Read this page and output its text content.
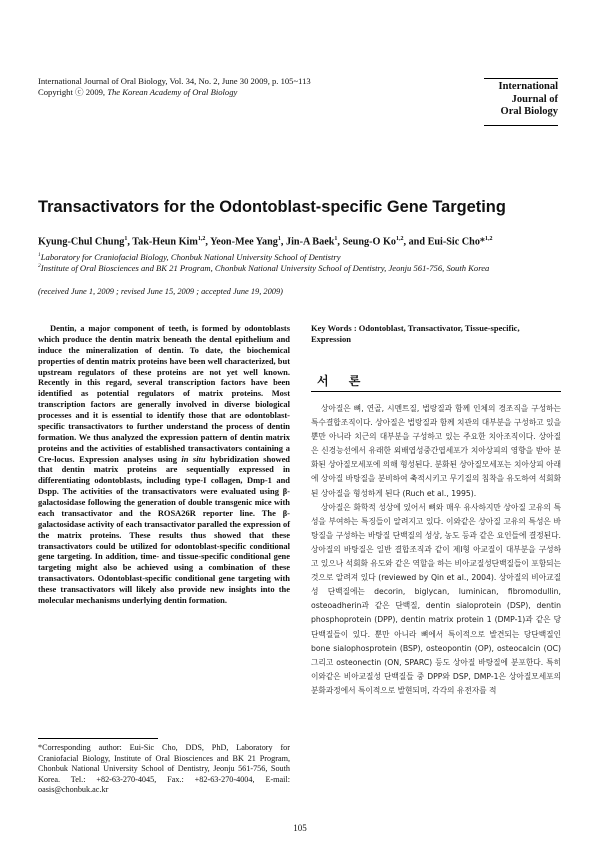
International Journal of Oral Biology, Vol. 34, No. 2, June 30 2009, p. 105~113
Copyright ⓒ 2009, The Korean Academy of Oral Biology	International
Journal of
Oral Biology
Transactivators for the Odontoblast-specific Gene Targeting
Kyung-Chul Chung$^1$, Tak-Heun Kim$^{1,2}$, Yeon-Mee Yang$^1$, Jin-A Baek$^1$, Seung-O Ko$^{1,2}$, and Eui-Sic Cho*$^{1,2}$
$^1$Laboratory for Craniofacial Biology, Chonbuk National University School of Dentistry
$^2$Institute of Oral Biosciences and BK 21 Program, Chonbuk National University School of Dentistry, Jeonju 561-756, South Korea
(received June 1, 2009 ; revised June 15, 2009 ; accepted June 19, 2009)

Dentin, a major component of teeth, is formed by odontoblasts which produce the dentin matrix beneath the dental epithelium and induce the mineralization of dentin. To date, the biochemical properties of dentin matrix proteins have been well characterized, but upstream regulators of these proteins are not yet well known. Recently in this regard, several transcription factors have been identified as potential regulators of matrix proteins. Most transcription factors are generally involved in diverse biological processes and it is essential to identify those that are odontoblast-specific transactivators to further understand the process of dentin formation. We thus analyzed the expression pattern of dentin matrix proteins and the activities of established transactivators containing a Cre-locus. Expression analyses using in situ hybridization showed that dentin matrix proteins are sequentially expressed in differentiating odontoblasts, including type-I collagen, Dmp-1 and Dspp. The activities of the transactivators were evaluated using β-galactosidase following the generation of double transgenic mice with each transactivator and the ROSA26R reporter line. The β-galactosidase activity of each transactivator paralled the expression of the matrix proteins. These results thus showed that these transactivators could be utilized for odontoblast-specific conditional gene targeting. In addition, time- and tissue-specific conditional gene targeting might also be achieved using a combination of these transactivators. Odontoblast-specific conditional gene targeting with these transactivators will likely also provide new insights into the molecular mechanisms underlying dentin formation.

*Corresponding author: Eui-Sic Cho, DDS, PhD, Laboratory for Craniofacial Biology, Institute of Oral Biosciences and BK 21 Program, Chonbuk National University School of Dentistry, Jeonju 561-756, South Korea. Tel.: +82-63-270-4045, Fax.: +82-63-270-4004, E-mail: oasis@chonbuk.ac.kr
Key Words : Odontoblast, Transactivator, Tissue-specific, Expression
서 론

상아질은 뼈, 연골, 시멘트질, 법랑질과 함께 인체의 경조직을 구성하는 특수결합조직이다. 상아질은 법랑질과 함께 치관의 대부분을 구성하고 있을 뿐만 아니라 치근의 대부분을 구성하고 있는 주요한 치아조직이다. 상아질은 신경능선에서 유래한 외배엽성중간엽세포가 치아상피의 영향을 받아 분화된 상아질모세포에 의해 형성된다. 분화된 상아질모세포는 치아상피 아래에 상아질 바탕질을 분비하여 축적시키고 무기질의 침착을 유도하여 석회화된 상아질을 형성하게 된다 (Ruch et al., 1995).

상아질은 화학적 성상에 있어서 뼈와 매우 유사하지만 상아질 고유의 특성을 부여하는 특징들이 알려지고 있다. 이와같은 상아질 고유의 특성은 바탕질을 구성하는 바탕질 단백질의 성상, 농도 등과 같은 요인들에 결정된다. 상아질의 바탕질은 일반 결합조직과 같이 제I형 아교질이 대부분을 구성하고 있으나 석회화 유도와 같은 역할을 하는 비아교질성단백질들이 포함되는 것으로 알려져 있다 (reviewed by Qin et al., 2004). 상아질의 비아교질성 단백질에는 decorin, biglycan, luminican, fibromodullin, osteoadherin과 같은 단백질, dentin sialoprotein (DSP), dentin phosphoprotein (DPP), dentin matrix protein 1 (DMP-1)과 같은 당단백질들이 있다. 뿐만 아니라 뼈에서 특이적으로 발견되는 당단백질인 bone sialophosprotein (BSP), osteopontin (OP), osteocalcin (OC) 그리고 osteonectin (ON, SPARC) 등도 상아질 바탕질에 분포한다. 특히 이와같은 비아교질성 단백질들 중 DPP와 DSP, DMP-1은 상아질모세포의 분화과정에서 특이적으로 발현되며, 각각의 유전자를 적

105
